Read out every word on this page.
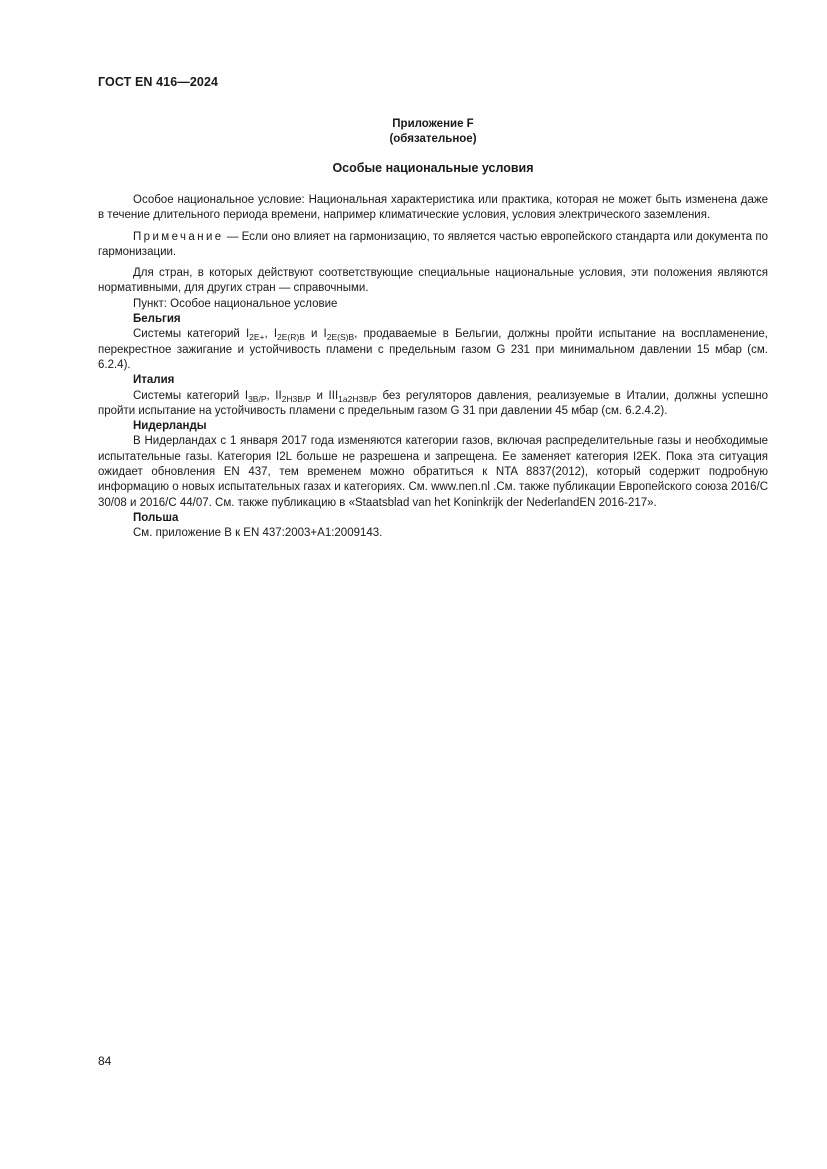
ГОСТ EN 416—2024
Приложение F
(обязательное)
Особые национальные условия

Особое национальное условие: Национальная характеристика или практика, которая не может быть изменена даже в течение длительного периода времени, например климатические условия, условия электрического заземления.

Примечание — Если оно влияет на гармонизацию, то является частью европейского стандарта или документа по гармонизации.

Для стран, в которых действуют соответствующие специальные национальные условия, эти положения являются нормативными, для других стран — справочными.

Пункт: Особое национальное условие

Бельгия

Системы категорий $I_{2E+}$, $I_{2E(R)B}$ и $I_{2E(S)B}$, продаваемые в Бельгии, должны пройти испытание на воспламенение, перекрестное зажигание и устойчивость пламени с предельным газом G 231 при минимальном давлении 15 мбар (см. 6.2.4).

Италия

Системы категорий $I_{3B/P}$, $II_{2H3B/P}$ и $III_{1a2H3B/P}$ без регуляторов давления, реализуемые в Италии, должны успешно пройти испытание на устойчивость пламени с предельным газом G 31 при давлении 45 мбар (см. 6.2.4.2).

Нидерланды

В Нидерландах с 1 января 2017 года изменяются категории газов, включая распределительные газы и необходимые испытательные газы. Категория I2L больше не разрешена и запрещена. Ее заменяет категория I2EK. Пока эта ситуация ожидает обновления EN 437, тем временем можно обратиться к NTA 8837(2012), который содержит подробную информацию о новых испытательных газах и категориях. См. www.nen.nl .См. также публикации Европейского союза 2016/C 30/08 и 2016/C 44/07. См. также публикацию в «Staatsblad van het Koninkrijk der NederlandEN 2016-217».

Польша

См. приложение B к EN 437:2003+A1:2009143.

84
